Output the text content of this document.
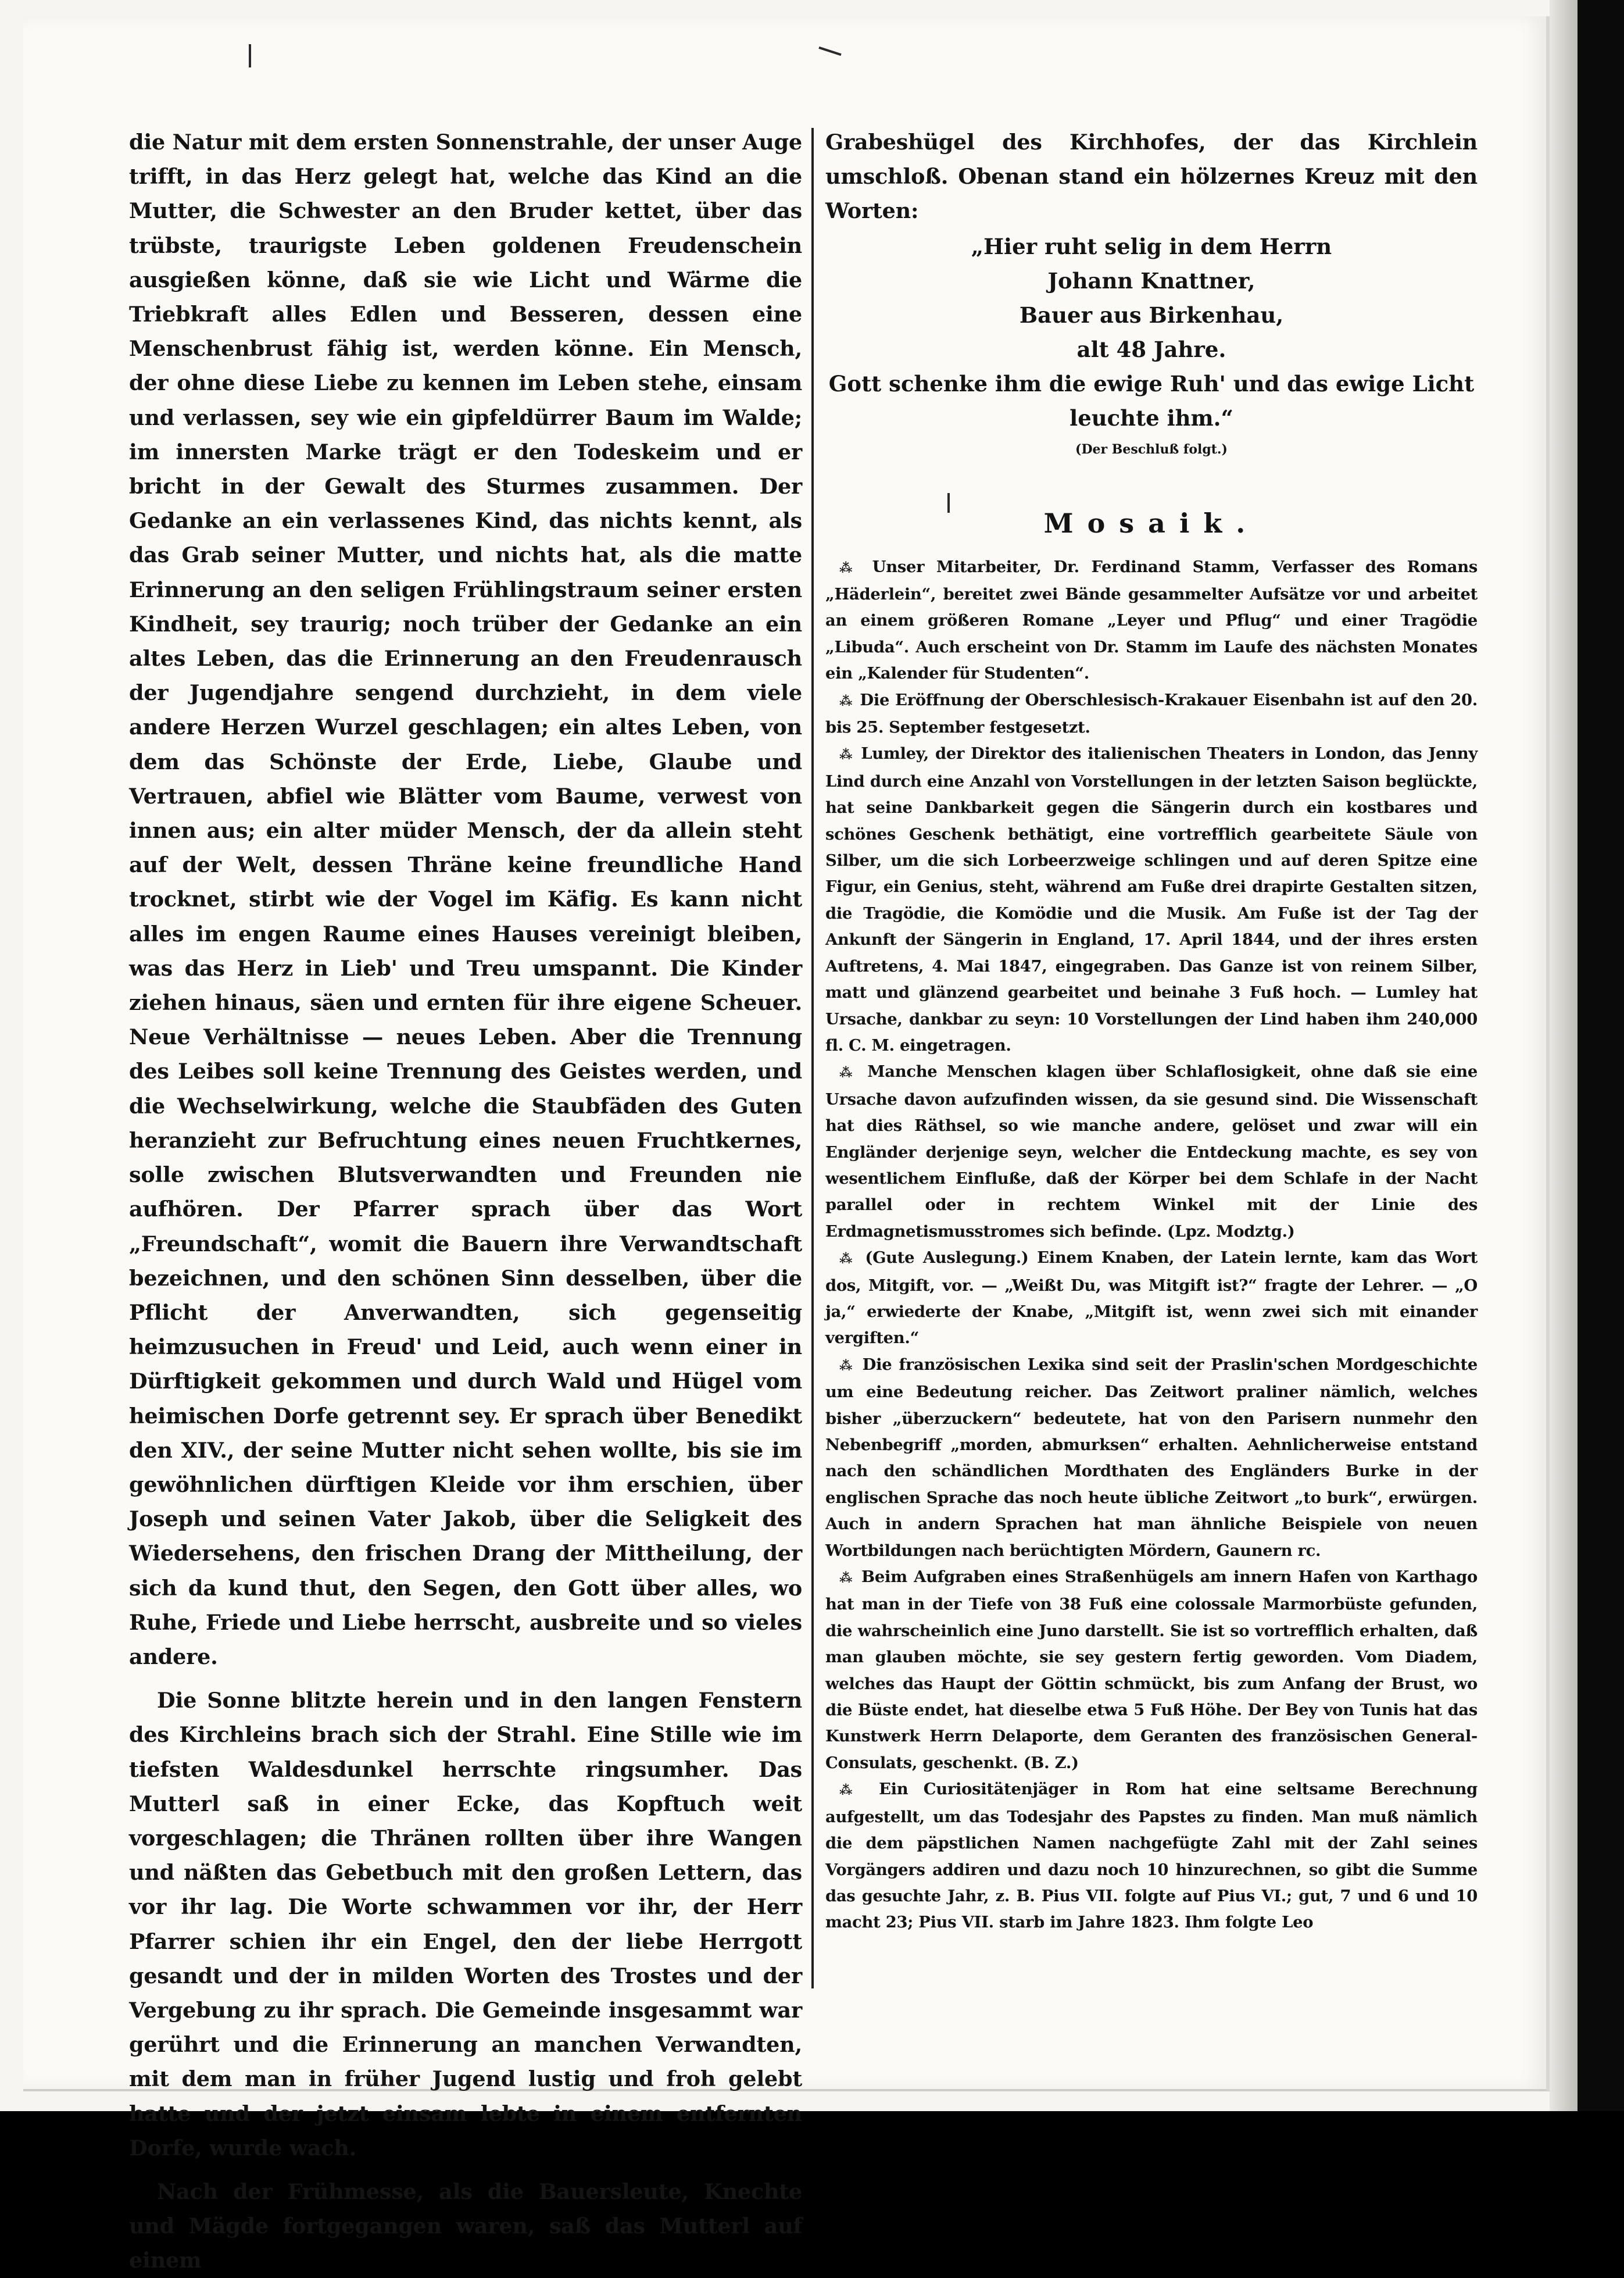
die Natur mit dem ersten Sonnenstrahle, der unser Auge trifft, in das Herz gelegt hat, welche das Kind an die Mutter, die Schwester an den Bruder kettet, über das trübste, traurigste Leben goldenen Freudenschein ausgießen könne, daß sie wie Licht und Wärme die Triebkraft alles Edlen und Besseren, dessen eine Menschenbrust fähig ist, werden könne. Ein Mensch, der ohne diese Liebe zu kennen im Leben stehe, einsam und verlassen, sey wie ein gipfeldürrer Baum im Walde; im innersten Marke trägt er den Todeskeim und er bricht in der Gewalt des Sturmes zusammen. Der Gedanke an ein verlassenes Kind, das nichts kennt, als das Grab seiner Mutter, und nichts hat, als die matte Erinnerung an den seligen Frühlingstraum seiner ersten Kindheit, sey traurig; noch trüber der Gedanke an ein altes Leben, das die Erinnerung an den Freudenrausch der Jugendjahre sengend durchzieht, in dem viele andere Herzen Wurzel geschlagen; ein altes Leben, von dem das Schönste der Erde, Liebe, Glaube und Vertrauen, abfiel wie Blätter vom Baume, verwest von innen aus; ein alter müder Mensch, der da allein steht auf der Welt, dessen Thräne keine freundliche Hand trocknet, stirbt wie der Vogel im Käfig. Es kann nicht alles im engen Raume eines Hauses vereinigt bleiben, was das Herz in Lieb' und Treu umspannt. Die Kinder ziehen hinaus, säen und ernten für ihre eigene Scheuer. Neue Verhältnisse — neues Leben. Aber die Trennung des Leibes soll keine Trennung des Geistes werden, und die Wechselwirkung, welche die Staubfäden des Guten heranzieht zur Befruchtung eines neuen Fruchtkernes, solle zwischen Blutsverwandten und Freunden nie aufhören. Der Pfarrer sprach über das Wort „Freundschaft“, womit die Bauern ihre Verwandtschaft bezeichnen, und den schönen Sinn desselben, über die Pflicht der Anverwandten, sich gegenseitig heimzusuchen in Freud' und Leid, auch wenn einer in Dürftigkeit gekommen und durch Wald und Hügel vom heimischen Dorfe getrennt sey. Er sprach über Benedikt den XIV., der seine Mutter nicht sehen wollte, bis sie im gewöhnlichen dürftigen Kleide vor ihm erschien, über Joseph und seinen Vater Jakob, über die Seligkeit des Wiedersehens, den frischen Drang der Mittheilung, der sich da kund thut, den Segen, den Gott über alles, wo Ruhe, Friede und Liebe herrscht, ausbreite und so vieles andere.

Die Sonne blitzte herein und in den langen Fenstern des Kirchleins brach sich der Strahl. Eine Stille wie im tiefsten Waldesdunkel herrschte ringsumher. Das Mutterl saß in einer Ecke, das Kopftuch weit vorgeschlagen; die Thränen rollten über ihre Wangen und näßten das Gebetbuch mit den großen Lettern, das vor ihr lag. Die Worte schwammen vor ihr, der Herr Pfarrer schien ihr ein Engel, den der liebe Herrgott gesandt und der in milden Worten des Trostes und der Vergebung zu ihr sprach. Die Gemeinde insgesammt war gerührt und die Erinnerung an manchen Verwandten, mit dem man in früher Jugend lustig und froh gelebt hatte und der jetzt einsam lebte in einem entfernten Dorfe, wurde wach.

Nach der Frühmesse, als die Bauersleute, Knechte und Mägde fortgegangen waren, saß das Mutterl auf einem

Grabeshügel des Kirchhofes, der das Kirchlein umschloß. Obenan stand ein hölzernes Kreuz mit den Worten:

„Hier ruht selig in dem Herrn

Johann Knattner,

Bauer aus Birkenhau,

alt 48 Jahre.

Gott schenke ihm die ewige Ruh' und das ewige Licht

leuchte ihm.“

(Der Beschluß folgt.)

Mosaik.

⁂ Unser Mitarbeiter, Dr. Ferdinand Stamm, Verfasser des Romans „Häderlein“, bereitet zwei Bände gesammelter Aufsätze vor und arbeitet an einem größeren Romane „Leyer und Pflug“ und einer Tragödie „Libuda“. Auch erscheint von Dr. Stamm im Laufe des nächsten Monates ein „Kalender für Studenten“.

⁂ Die Eröffnung der Oberschlesisch-Krakauer Eisenbahn ist auf den 20. bis 25. September festgesetzt.

⁂ Lumley, der Direktor des italienischen Theaters in London, das Jenny Lind durch eine Anzahl von Vorstellungen in der letzten Saison beglückte, hat seine Dankbarkeit gegen die Sängerin durch ein kostbares und schönes Geschenk bethätigt, eine vortrefflich gearbeitete Säule von Silber, um die sich Lorbeerzweige schlingen und auf deren Spitze eine Figur, ein Genius, steht, während am Fuße drei drapirte Gestalten sitzen, die Tragödie, die Komödie und die Musik. Am Fuße ist der Tag der Ankunft der Sängerin in England, 17. April 1844, und der ihres ersten Auftretens, 4. Mai 1847, eingegraben. Das Ganze ist von reinem Silber, matt und glänzend gearbeitet und beinahe 3 Fuß hoch. — Lumley hat Ursache, dankbar zu seyn: 10 Vorstellungen der Lind haben ihm 240,000 fl. C. M. eingetragen.

⁂ Manche Menschen klagen über Schlaflosigkeit, ohne daß sie eine Ursache davon aufzufinden wissen, da sie gesund sind. Die Wissenschaft hat dies Räthsel, so wie manche andere, gelöset und zwar will ein Engländer derjenige seyn, welcher die Entdeckung machte, es sey von wesentlichem Einfluße, daß der Körper bei dem Schlafe in der Nacht parallel oder in rechtem Winkel mit der Linie des Erdmagnetismusstromes sich befinde. (Lpz. Modztg.)

⁂ (Gute Auslegung.) Einem Knaben, der Latein lernte, kam das Wort dos, Mitgift, vor. — „Weißt Du, was Mitgift ist?“ fragte der Lehrer. — „O ja,“ erwiederte der Knabe, „Mitgift ist, wenn zwei sich mit einander vergiften.“

⁂ Die französischen Lexika sind seit der Praslin'schen Mordgeschichte um eine Bedeutung reicher. Das Zeitwort praliner nämlich, welches bisher „überzuckern“ bedeutete, hat von den Parisern nunmehr den Nebenbegriff „morden, abmurksen“ erhalten. Aehnlicherweise entstand nach den schändlichen Mordthaten des Engländers Burke in der englischen Sprache das noch heute übliche Zeitwort „to burk“, erwürgen. Auch in andern Sprachen hat man ähnliche Beispiele von neuen Wortbildungen nach berüchtigten Mördern, Gaunern rc.

⁂ Beim Aufgraben eines Straßenhügels am innern Hafen von Karthago hat man in der Tiefe von 38 Fuß eine colossale Marmorbüste gefunden, die wahrscheinlich eine Juno darstellt. Sie ist so vortrefflich erhalten, daß man glauben möchte, sie sey gestern fertig geworden. Vom Diadem, welches das Haupt der Göttin schmückt, bis zum Anfang der Brust, wo die Büste endet, hat dieselbe etwa 5 Fuß Höhe. Der Bey von Tunis hat das Kunstwerk Herrn Delaporte, dem Geranten des französischen General-Consulats, geschenkt. (B. Z.)

⁂ Ein Curiositätenjäger in Rom hat eine seltsame Berechnung aufgestellt, um das Todesjahr des Papstes zu finden. Man muß nämlich die dem päpstlichen Namen nachgefügte Zahl mit der Zahl seines Vorgängers addiren und dazu noch 10 hinzurechnen, so gibt die Summe das gesuchte Jahr, z. B. Pius VII. folgte auf Pius VI.; gut, 7 und 6 und 10 macht 23; Pius VII. starb im Jahre 1823. Ihm folgte Leo
